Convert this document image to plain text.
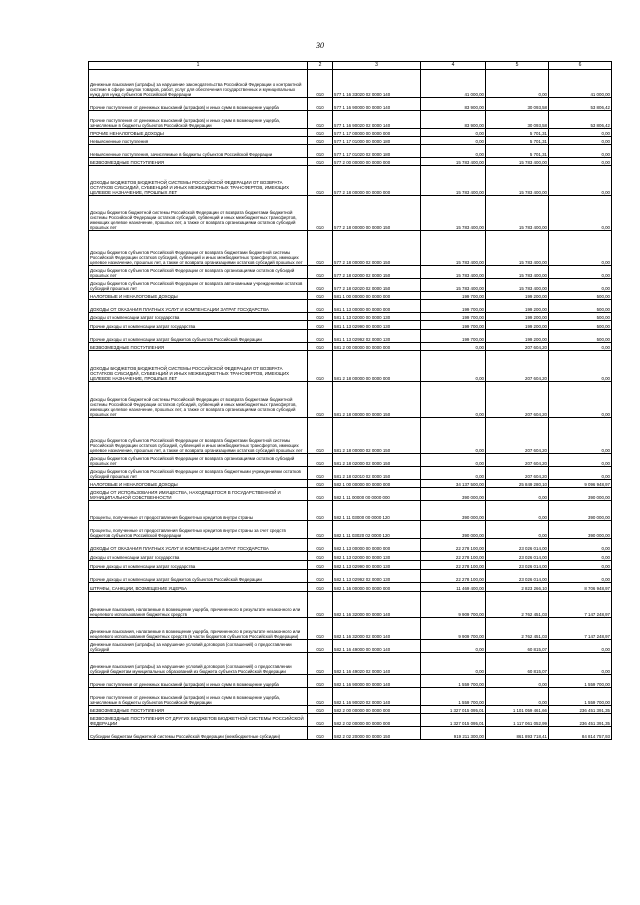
30
1	2	3	4	5	6
Денежные взыскания (штрафы) за нарушение законодательства Российской Федерации о контрактной системе в сфере закупок товаров, работ, услуг для обеспечения государственных и муниципальных нужд для нужд субъектов Российской Федерации	010	577 1 16 33020 02 0000 140	41 000,00	0,00	41 000,00
Прочие поступления от денежных взысканий (штрафов) и иных сумм в возмещение ущерба	010	577 1 16 90000 00 0000 140	83 900,00	30 093,58	53 806,42
Прочие поступления от денежных взысканий (штрафов) и иных сумм в возмещение ущерба, зачисляемые в бюджеты субъектов Российской Федерации	010	577 1 16 90020 02 0000 140	83 900,00	30 093,58	53 806,42
ПРОЧИЕ НЕНАЛОГОВЫЕ ДОХОДЫ	010	577 1 17 00000 00 0000 000	0,00	5 701,31	0,00
Невыясненные поступления	010	577 1 17 01000 00 0000 180	0,00	5 701,31	0,00
Невыясненные поступления, зачисляемые в бюджеты субъектов Российской Федерации	010	577 1 17 01020 02 0000 180	0,00	5 701,31	0,00
БЕЗВОЗМЕЗДНЫЕ ПОСТУПЛЕНИЯ	010	577 2 00 00000 00 0000 000	15 783 400,00	15 783 400,00	0,00
ДОХОДЫ БЮДЖЕТОВ БЮДЖЕТНОЙ СИСТЕМЫ РОССИЙСКОЙ ФЕДЕРАЦИИ ОТ ВОЗВРАТА ОСТАТКОВ СУБСИДИЙ, СУБВЕНЦИЙ И ИНЫХ МЕЖБЮДЖЕТНЫХ ТРАНСФЕРТОВ, ИМЕЮЩИХ ЦЕЛЕВОЕ НАЗНАЧЕНИЕ, ПРОШЛЫХ ЛЕТ	010	577 2 18 00000 00 0000 000	15 783 400,00	15 783 400,00	0,00
Доходы бюджетов бюджетной системы Российской Федерации от возврата бюджетами бюджетной системы Российской Федерации остатков субсидий, субвенций и иных межбюджетных трансфертов, имеющих целевое назначение, прошлых лет, а также от возврата организациями остатков субсидий прошлых лет	010	577 2 18 00000 00 0000 150	15 783 400,00	15 783 400,00	0,00
Доходы бюджетов субъектов Российской Федерации от возврата бюджетами бюджетной системы Российской Федерации остатков субсидий, субвенций и иных межбюджетных трансфертов, имеющих целевое назначение, прошлых лет, а также от возврата организациями остатков субсидий прошлых лет	010	577 2 18 00000 02 0000 150	15 783 400,00	15 783 400,00	0,00
Доходы бюджетов субъектов Российской Федерации от возврата организациями остатков субсидий прошлых лет	010	577 2 18 02000 02 0000 150	15 783 400,00	15 783 400,00	0,00
Доходы бюджетов субъектов Российской Федерации от возврата автономными учреждениями остатков субсидий прошлых лет	010	577 2 18 02020 02 0000 150	15 783 400,00	15 783 400,00	0,00
НАЛОГОВЫЕ И НЕНАЛОГОВЫЕ ДОХОДЫ	010	581 1 00 00000 00 0000 000	199 700,00	199 200,00	500,00
ДОХОДЫ ОТ ОКАЗАНИЯ ПЛАТНЫХ УСЛУГ И КОМПЕНСАЦИИ ЗАТРАТ ГОСУДАРСТВА	010	581 1 13 00000 00 0000 000	199 700,00	199 200,00	500,00
Доходы от компенсации затрат государства	010	581 1 13 02000 00 0000 130	199 700,00	199 200,00	500,00
Прочие доходы от компенсации затрат государства	010	581 1 13 02990 00 0000 130	199 700,00	199 200,00	500,00
Прочие доходы от компенсации затрат бюджетов субъектов Российской Федерации	010	581 1 13 02992 02 0000 130	199 700,00	199 200,00	500,00
БЕЗВОЗМЕЗДНЫЕ ПОСТУПЛЕНИЯ	010	581 2 00 00000 00 0000 000	0,00	207 604,20	0,00
ДОХОДЫ БЮДЖЕТОВ БЮДЖЕТНОЙ СИСТЕМЫ РОССИЙСКОЙ ФЕДЕРАЦИИ ОТ ВОЗВРАТА ОСТАТКОВ СУБСИДИЙ, СУБВЕНЦИЙ И ИНЫХ МЕЖБЮДЖЕТНЫХ ТРАНСФЕРТОВ, ИМЕЮЩИХ ЦЕЛЕВОЕ НАЗНАЧЕНИЕ, ПРОШЛЫХ ЛЕТ	010	581 2 18 00000 00 0000 000	0,00	207 604,20	0,00
Доходы бюджетов бюджетной системы Российской Федерации от возврата бюджетами бюджетной системы Российской Федерации остатков субсидий, субвенций и иных межбюджетных трансфертов, имеющих целевое назначение, прошлых лет, а также от возврата организациями остатков субсидий прошлых лет	010	581 2 18 00000 00 0000 150	0,00	207 604,20	0,00
Доходы бюджетов субъектов Российской Федерации от возврата бюджетами бюджетной системы Российской Федерации остатков субсидий, субвенций и иных межбюджетных трансфертов, имеющих целевое назначение, прошлых лет, а также от возврата организациями остатков субсидий прошлых лет	010	581 2 18 00000 02 0000 150	0,00	207 604,20	0,00
Доходы бюджетов субъектов Российской Федерации от возврата организациями остатков субсидий прошлых лет	010	581 2 18 02000 02 0000 150	0,00	207 604,20	0,00
Доходы бюджетов субъектов Российской Федерации от возврата бюджетными учреждениями остатков субсидий прошлых лет	010	581 2 18 02010 02 0000 150	0,00	207 604,20	0,00
НАЛОГОВЫЕ И НЕНАЛОГОВЫЕ ДОХОДЫ	010	582 1 00 00000 00 0000 000	34 137 500,00	25 849 280,10	9 096 948,97
ДОХОДЫ ОТ ИСПОЛЬЗОВАНИЯ ИМУЩЕСТВА, НАХОДЯЩЕГОСЯ В ГОСУДАРСТВЕННОЙ И МУНИЦИПАЛЬНОЙ СОБСТВЕННОСТИ	010	582 1 11 00000 00 0000 000	390 000,00	0,00	390 000,00
Проценты, полученные от предоставления бюджетных кредитов внутри страны	010	582 1 11 03000 00 0000 120	390 000,00	0,00	390 000,00
Проценты, полученные от предоставления бюджетных кредитов внутри страны за счет средств бюджетов субъектов Российской Федерации	010	582 1 11 03020 02 0000 120	390 000,00	0,00	390 000,00
ДОХОДЫ ОТ ОКАЗАНИЯ ПЛАТНЫХ УСЛУГ И КОМПЕНСАЦИИ ЗАТРАТ ГОСУДАРСТВА	010	582 1 13 00000 00 0000 000	22 278 100,00	23 026 014,00	0,00
Доходы от компенсации затрат государства	010	582 1 13 02000 00 0000 130	22 278 100,00	23 026 014,00	0,00
Прочие доходы от компенсации затрат государства	010	582 1 13 02990 00 0000 130	22 278 100,00	23 026 014,00	0,00
Прочие доходы от компенсации затрат бюджетов субъектов Российской Федерации	010	582 1 13 02992 02 0000 130	22 278 100,00	23 026 014,00	0,00
ШТРАФЫ, САНКЦИИ, ВОЗМЕЩЕНИЕ УЩЕРБА	010	582 1 16 00000 00 0000 000	11 469 400,00	2 823 266,10	8 706 948,97
Денежные взыскания, налагаемые в возмещение ущерба, причиненного в результате незаконного или нецелевого использования бюджетных средств	010	582 1 16 32000 00 0000 140	9 909 700,00	2 762 451,03	7 147 248,97
Денежные взыскания, налагаемые в возмещение ущерба, причиненного в результате незаконного или нецелевого использования бюджетных средств (в части бюджетов субъектов Российской Федерации)	010	582 1 16 32000 02 0000 140	9 909 700,00	2 762 451,03	7 147 248,97
Денежные взыскания (штрафы) за нарушение условий договоров (соглашений) о предоставлении субсидий	010	582 1 16 49000 00 0000 140	0,00	60 815,07	0,00
Денежные взыскания (штрафы) за нарушение условий договоров (соглашений) о предоставлении субсидий бюджетам муниципальных образований из бюджета субъекта Российской Федерации	010	582 1 16 49020 02 0000 140	0,00	60 815,07	0,00
Прочие поступления от денежных взысканий (штрафов) и иных сумм в возмещение ущерба	010	582 1 16 90000 00 0000 140	1 559 700,00	0,00	1 559 700,00
Прочие поступления от денежных взысканий (штрафов) и иных сумм в возмещение ущерба, зачисляемые в бюджеты субъектов Российской Федерации	010	582 1 16 90020 02 0000 140	1 559 700,00	0,00	1 559 700,00
БЕЗВОЗМЕЗДНЫЕ ПОСТУПЛЕНИЯ	010	582 2 00 00000 00 0000 000	1 327 015 095,01	1 101 059 461,66	236 451 391,35
БЕЗВОЗМЕЗДНЫЕ ПОСТУПЛЕНИЯ ОТ ДРУГИХ БЮДЖЕТОВ БЮДЖЕТНОЙ СИСТЕМЫ РОССИЙСКОЙ ФЕДЕРАЦИИ	010	582 2 02 00000 00 0000 000	1 327 015 095,01	1 117 061 052,99	236 451 391,35
Субсидии бюджетам бюджетной системы Российской Федерации (межбюджетные субсидии)	010	582 2 02 20000 00 0000 150	919 211 300,00	861 893 718,41	84 814 757,93
